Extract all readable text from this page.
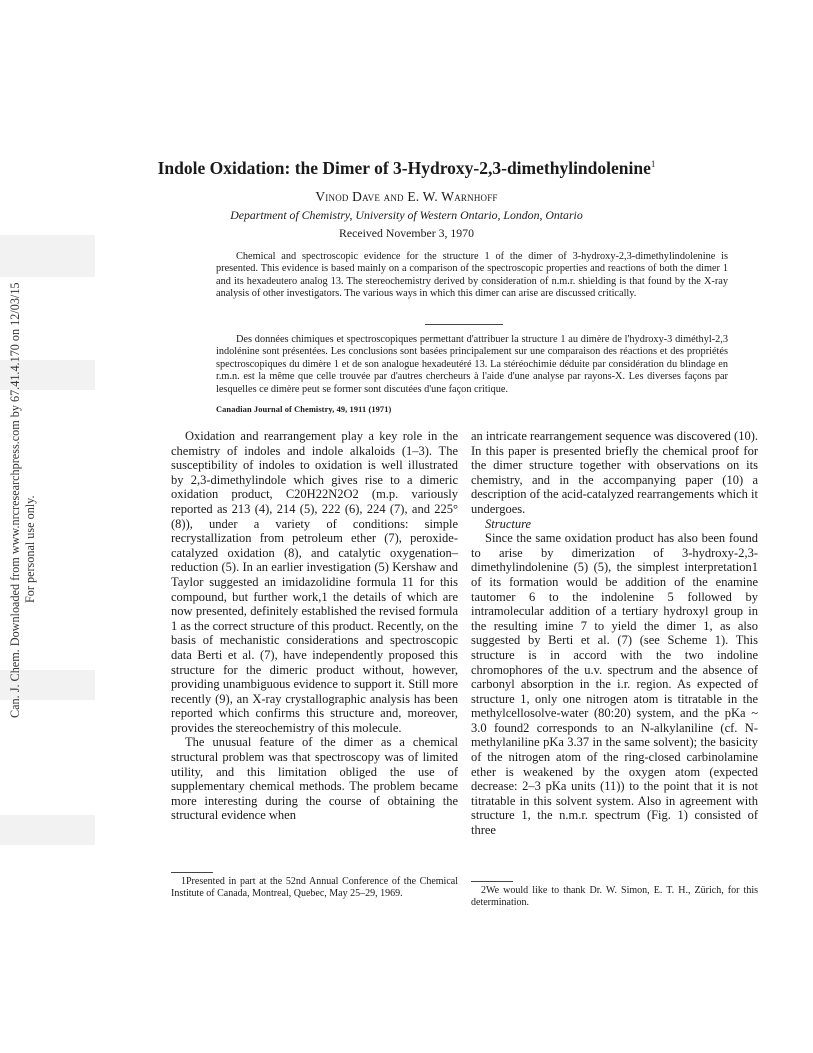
Can. J. Chem. Downloaded from www.nrcresearchpress.com by 67.41.4.170 on 12/03/15 For personal use only.
Indole Oxidation: the Dimer of 3-Hydroxy-2,3-dimethylindolenine$^1$
Vinod Dave and E. W. Warnhoff
Department of Chemistry, University of Western Ontario, London, Ontario
Received November 3, 1970

Chemical and spectroscopic evidence for the structure 1 of the dimer of 3-hydroxy-2,3-dimethylindolenine is presented. This evidence is based mainly on a comparison of the spectroscopic properties and reactions of both the dimer 1 and its hexadeutero analog 13. The stereochemistry derived by consideration of n.m.r. shielding is that found by the X-ray analysis of other investigators. The various ways in which this dimer can arise are discussed critically.

Des données chimiques et spectroscopiques permettant d'attribuer la structure 1 au dimère de l'hydroxy-3 diméthyl-2,3 indolénine sont présentées. Les conclusions sont basées principalement sur une comparaison des réactions et des propriétés spectroscopiques du dimère 1 et de son analogue hexadeutéré 13. La stéréochimie déduite par considération du blindage en r.m.n. est la même que celle trouvée par d'autres chercheurs à l'aide d'une analyse par rayons-X. Les diverses façons par lesquelles ce dimère peut se former sont discutées d'une façon critique.

Canadian Journal of Chemistry, 49, 1911 (1971)

Oxidation and rearrangement play a key role in the chemistry of indoles and indole alkaloids (1–3). The susceptibility of indoles to oxidation is well illustrated by 2,3-dimethylindole which gives rise to a dimeric oxidation product, C20H22N2O2 (m.p. variously reported as 213 (4), 214 (5), 222 (6), 224 (7), and 225° (8)), under a variety of conditions: simple recrystallization from petroleum ether (7), peroxide-catalyzed oxidation (8), and catalytic oxygenation–reduction (5). In an earlier investigation (5) Kershaw and Taylor suggested an imidazolidine formula 11 for this compound, but further work,1 the details of which are now presented, definitely established the revised formula 1 as the correct structure of this product. Recently, on the basis of mechanistic considerations and spectroscopic data Berti et al. (7), have independently proposed this structure for the dimeric product without, however, providing unambiguous evidence to support it. Still more recently (9), an X-ray crystallographic analysis has been reported which confirms this structure and, moreover, provides the stereochemistry of this molecule.

The unusual feature of the dimer as a chemical structural problem was that spectroscopy was of limited utility, and this limitation obliged the use of supplementary chemical methods. The problem became more interesting during the course of obtaining the structural evidence when

an intricate rearrangement sequence was discovered (10). In this paper is presented briefly the chemical proof for the dimer structure together with observations on its chemistry, and in the accompanying paper (10) a description of the acid-catalyzed rearrangements which it undergoes.

Structure

Since the same oxidation product has also been found to arise by dimerization of 3-hydroxy-2,3-dimethylindolenine (5) (5), the simplest interpretation1 of its formation would be addition of the enamine tautomer 6 to the indolenine 5 followed by intramolecular addition of a tertiary hydroxyl group in the resulting imine 7 to yield the dimer 1, as also suggested by Berti et al. (7) (see Scheme 1). This structure is in accord with the two indoline chromophores of the u.v. spectrum and the absence of carbonyl absorption in the i.r. region. As expected of structure 1, only one nitrogen atom is titratable in the methylcellosolve-water (80:20) system, and the pKa ~ 3.0 found2 corresponds to an N-alkylaniline (cf. N-methylaniline pKa 3.37 in the same solvent); the basicity of the nitrogen atom of the ring-closed carbinolamine ether is weakened by the oxygen atom (expected decrease: 2–3 pKa units (11)) to the point that it is not titratable in this solvent system. Also in agreement with structure 1, the n.m.r. spectrum (Fig. 1) consisted of three

1Presented in part at the 52nd Annual Conference of the Chemical Institute of Canada, Montreal, Quebec, May 25–29, 1969.	2We would like to thank Dr. W. Simon, E. T. H., Zürich, for this determination.
